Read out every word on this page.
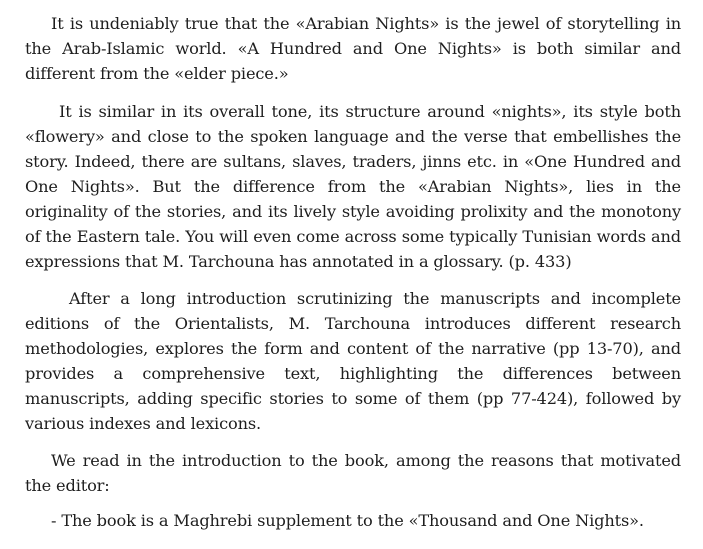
It is undeniably true that the «Arabian Nights» is the jewel of storytelling in the Arab-Islamic world. «A Hundred and One Nights» is both similar and different from the «elder piece.»

It is similar in its overall tone, its structure around «nights», its style both «flowery» and close to the spoken language and the verse that embellishes the story. Indeed, there are sultans, slaves, traders, jinns etc. in «One Hundred and One Nights». But the difference from the «Arabian Nights», lies in the originality of the stories, and its lively style avoiding prolixity and the monotony of the Eastern tale. You will even come across some typically Tunisian words and expressions that M. Tarchouna has annotated in a glossary. (p. 433)

After a long introduction scrutinizing the manuscripts and incomplete editions of the Orientalists, M. Tarchouna introduces different research methodologies, explores the form and content of the narrative (pp 13-70), and provides a comprehensive text, highlighting the differences between manuscripts, adding specific stories to some of them (pp 77-424), followed by various indexes and lexicons.

We read in the introduction to the book, among the reasons that motivated the editor:

- The book is a Maghrebi supplement to the «Thousand and One Nights».
